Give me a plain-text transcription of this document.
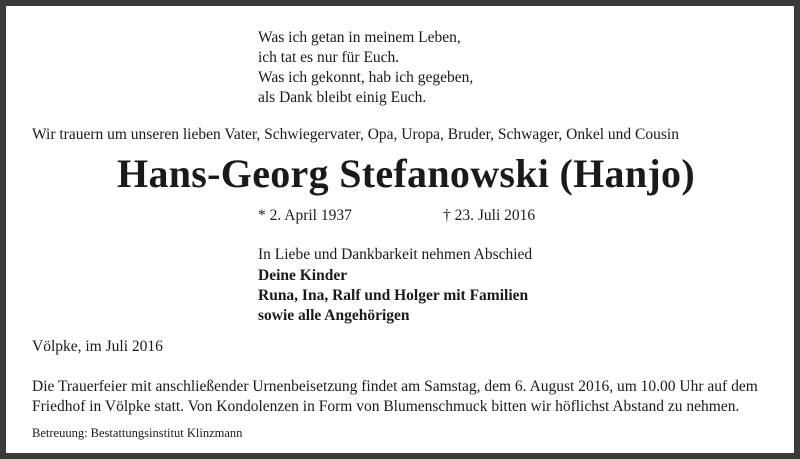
Was ich getan in meinem Leben,
ich tat es nur für Euch.
Was ich gekonnt, hab ich gegeben,
als Dank bleibt einig Euch.
Wir trauern um unseren lieben Vater, Schwiegervater, Opa, Uropa, Bruder, Schwager, Onkel und Cousin
Hans-Georg Stefanowski (Hanjo)
* 2. April 1937	† 23. Juli 2016
In Liebe und Dankbarkeit nehmen Abschied
Deine Kinder
Runa, Ina, Ralf und Holger mit Familien
sowie alle Angehörigen
Völpke, im Juli 2016
Die Trauerfeier mit anschließender Urnenbeisetzung findet am Samstag, dem 6. August 2016, um 10.00 Uhr auf dem
Friedhof in Völpke statt. Von Kondolenzen in Form von Blumenschmuck bitten wir höflichst Abstand zu nehmen.
Betreuung: Bestattungsinstitut Klinzmann
